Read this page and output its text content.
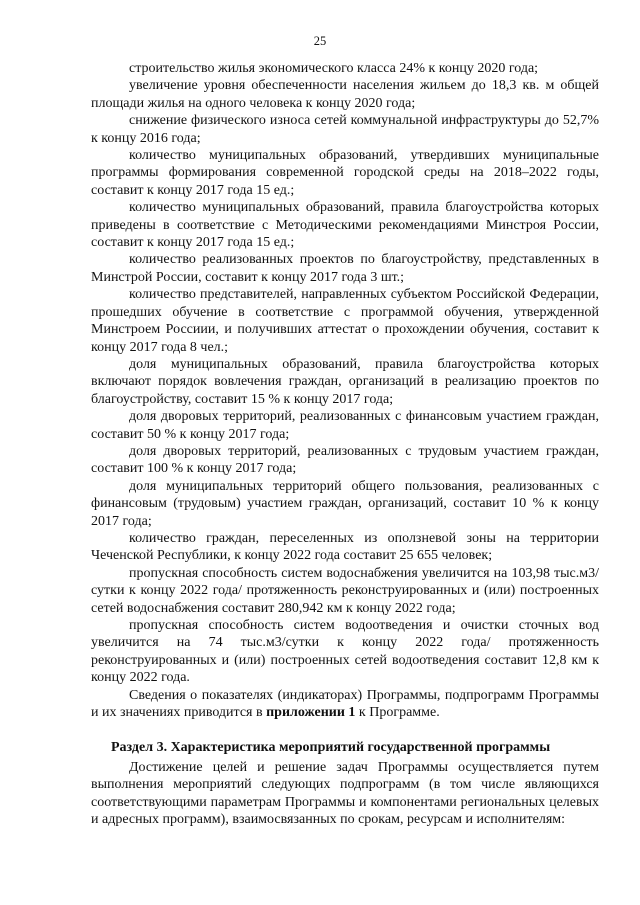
25

строительство жилья экономического класса 24% к концу 2020 года;

увеличение уровня обеспеченности населения жильем до 18,3 кв. м общей площади жилья на одного человека к концу 2020 года;

снижение физического износа сетей коммунальной инфраструктуры до 52,7% к концу 2016 года;

количество муниципальных образований, утвердивших муниципальные программы формирования современной городской среды на 2018–2022 годы, составит к концу 2017 года 15 ед.;

количество муниципальных образований, правила благоустройства которых приведены в соответствие с Методическими рекомендациями Минстроя России, составит к концу 2017 года 15 ед.;

количество реализованных проектов по благоустройству, представленных в Минстрой России, составит к концу 2017 года 3 шт.;

количество представителей, направленных субъектом Российской Федерации, прошедших обучение в соответствие с программой обучения, утвержденной Минстроем Россиии, и получивших аттестат о прохождении обучения, составит к концу 2017 года 8 чел.;

доля муниципальных образований, правила благоустройства которых включают порядок вовлечения граждан, организаций в реализацию проектов по благоустройству, составит 15 % к концу 2017 года;

доля дворовых территорий, реализованных с финансовым участием граждан, составит 50 % к концу 2017 года;

доля дворовых территорий, реализованных с трудовым участием граждан, составит 100 % к концу 2017 года;

доля муниципальных территорий общего пользования, реализованных с финансовым (трудовым) участием граждан, организаций, составит 10 % к концу 2017 года;

количество граждан, переселенных из оползневой зоны на территории Чеченской Республики, к концу 2022 года составит 25 655 человек;

пропускная способность систем водоснабжения увеличится на 103,98 тыс.м3/сутки к концу 2022 года/ протяженность реконструированных и (или) построенных сетей водоснабжения составит 280,942 км к концу 2022 года;

пропускная способность систем водоотведения и очистки сточных вод увеличится на 74 тыс.м3/сутки к концу 2022 года/ протяженность реконструированных и (или) построенных сетей водоотведения составит 12,8 км к концу 2022 года.

Сведения о показателях (индикаторах) Программы, подпрограмм Программы и их значениях приводится в приложении 1 к Программе.

Раздел 3. Характеристика мероприятий государственной программы

Достижение целей и решение задач Программы осуществляется путем выполнения мероприятий следующих подпрограмм (в том числе являющихся соответствующими параметрам Программы и компонентами региональных целевых и адресных программ), взаимосвязанных по срокам, ресурсам и исполнителям:
